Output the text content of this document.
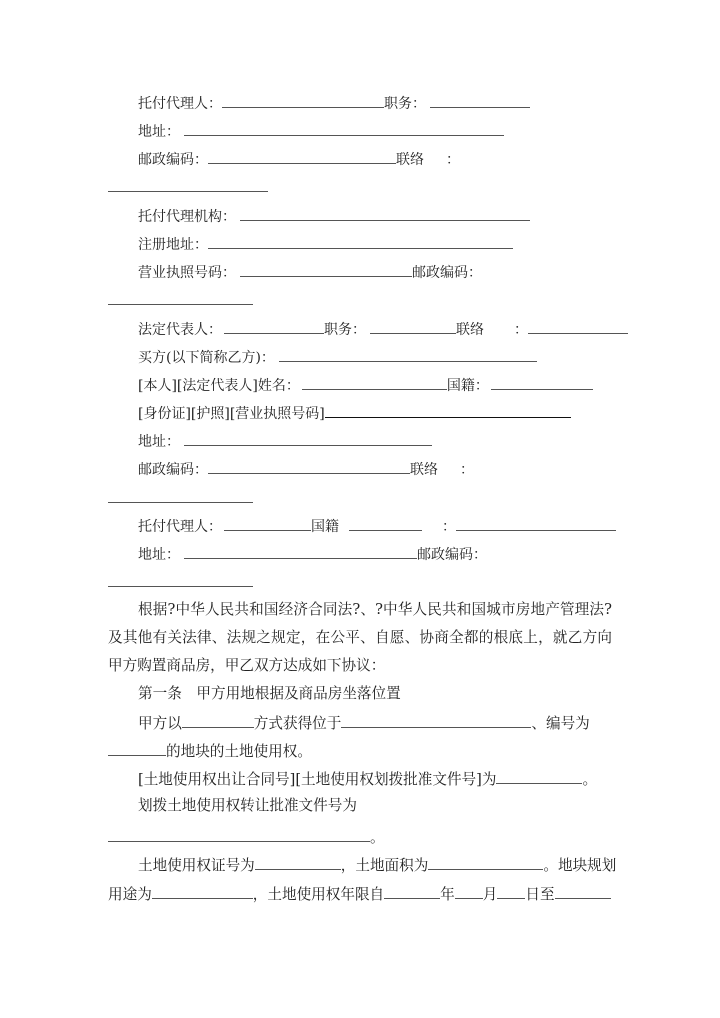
托付代理人：	职务：
地址：
邮政编码：	联络 ：
托付代理机构：
注册地址：
营业执照号码：	邮政编码：
法定代表人：	职务：	联络 ：
买方(以下简称乙方)：
[本人][法定代表人]姓名：	国籍：
[身份证][护照][营业执照号码]
地址：
邮政编码：	联络 ：
托付代理人：	国籍	：
地址：	邮政编码：
根据?中华人民共和国经济合同法?、?中华人民共和国城市房地产管理法?及其他有关法律、法规之规定，在公平、自愿、协商全都的根底上，就乙方向甲方购置商品房，甲乙双方达成如下协议：
第一条　甲方用地根据及商品房坐落位置
甲方以	方式获得位于	、编号为
的地块的土地使用权。
[土地使用权出让合同号][土地使用权划拨批准文件号]为	。
划拨土地使用权转让批准文件号为
。
土地使用权证号为	，土地面积为	。地块规划
用途为	，土地使用权年限自	年 月 日至
